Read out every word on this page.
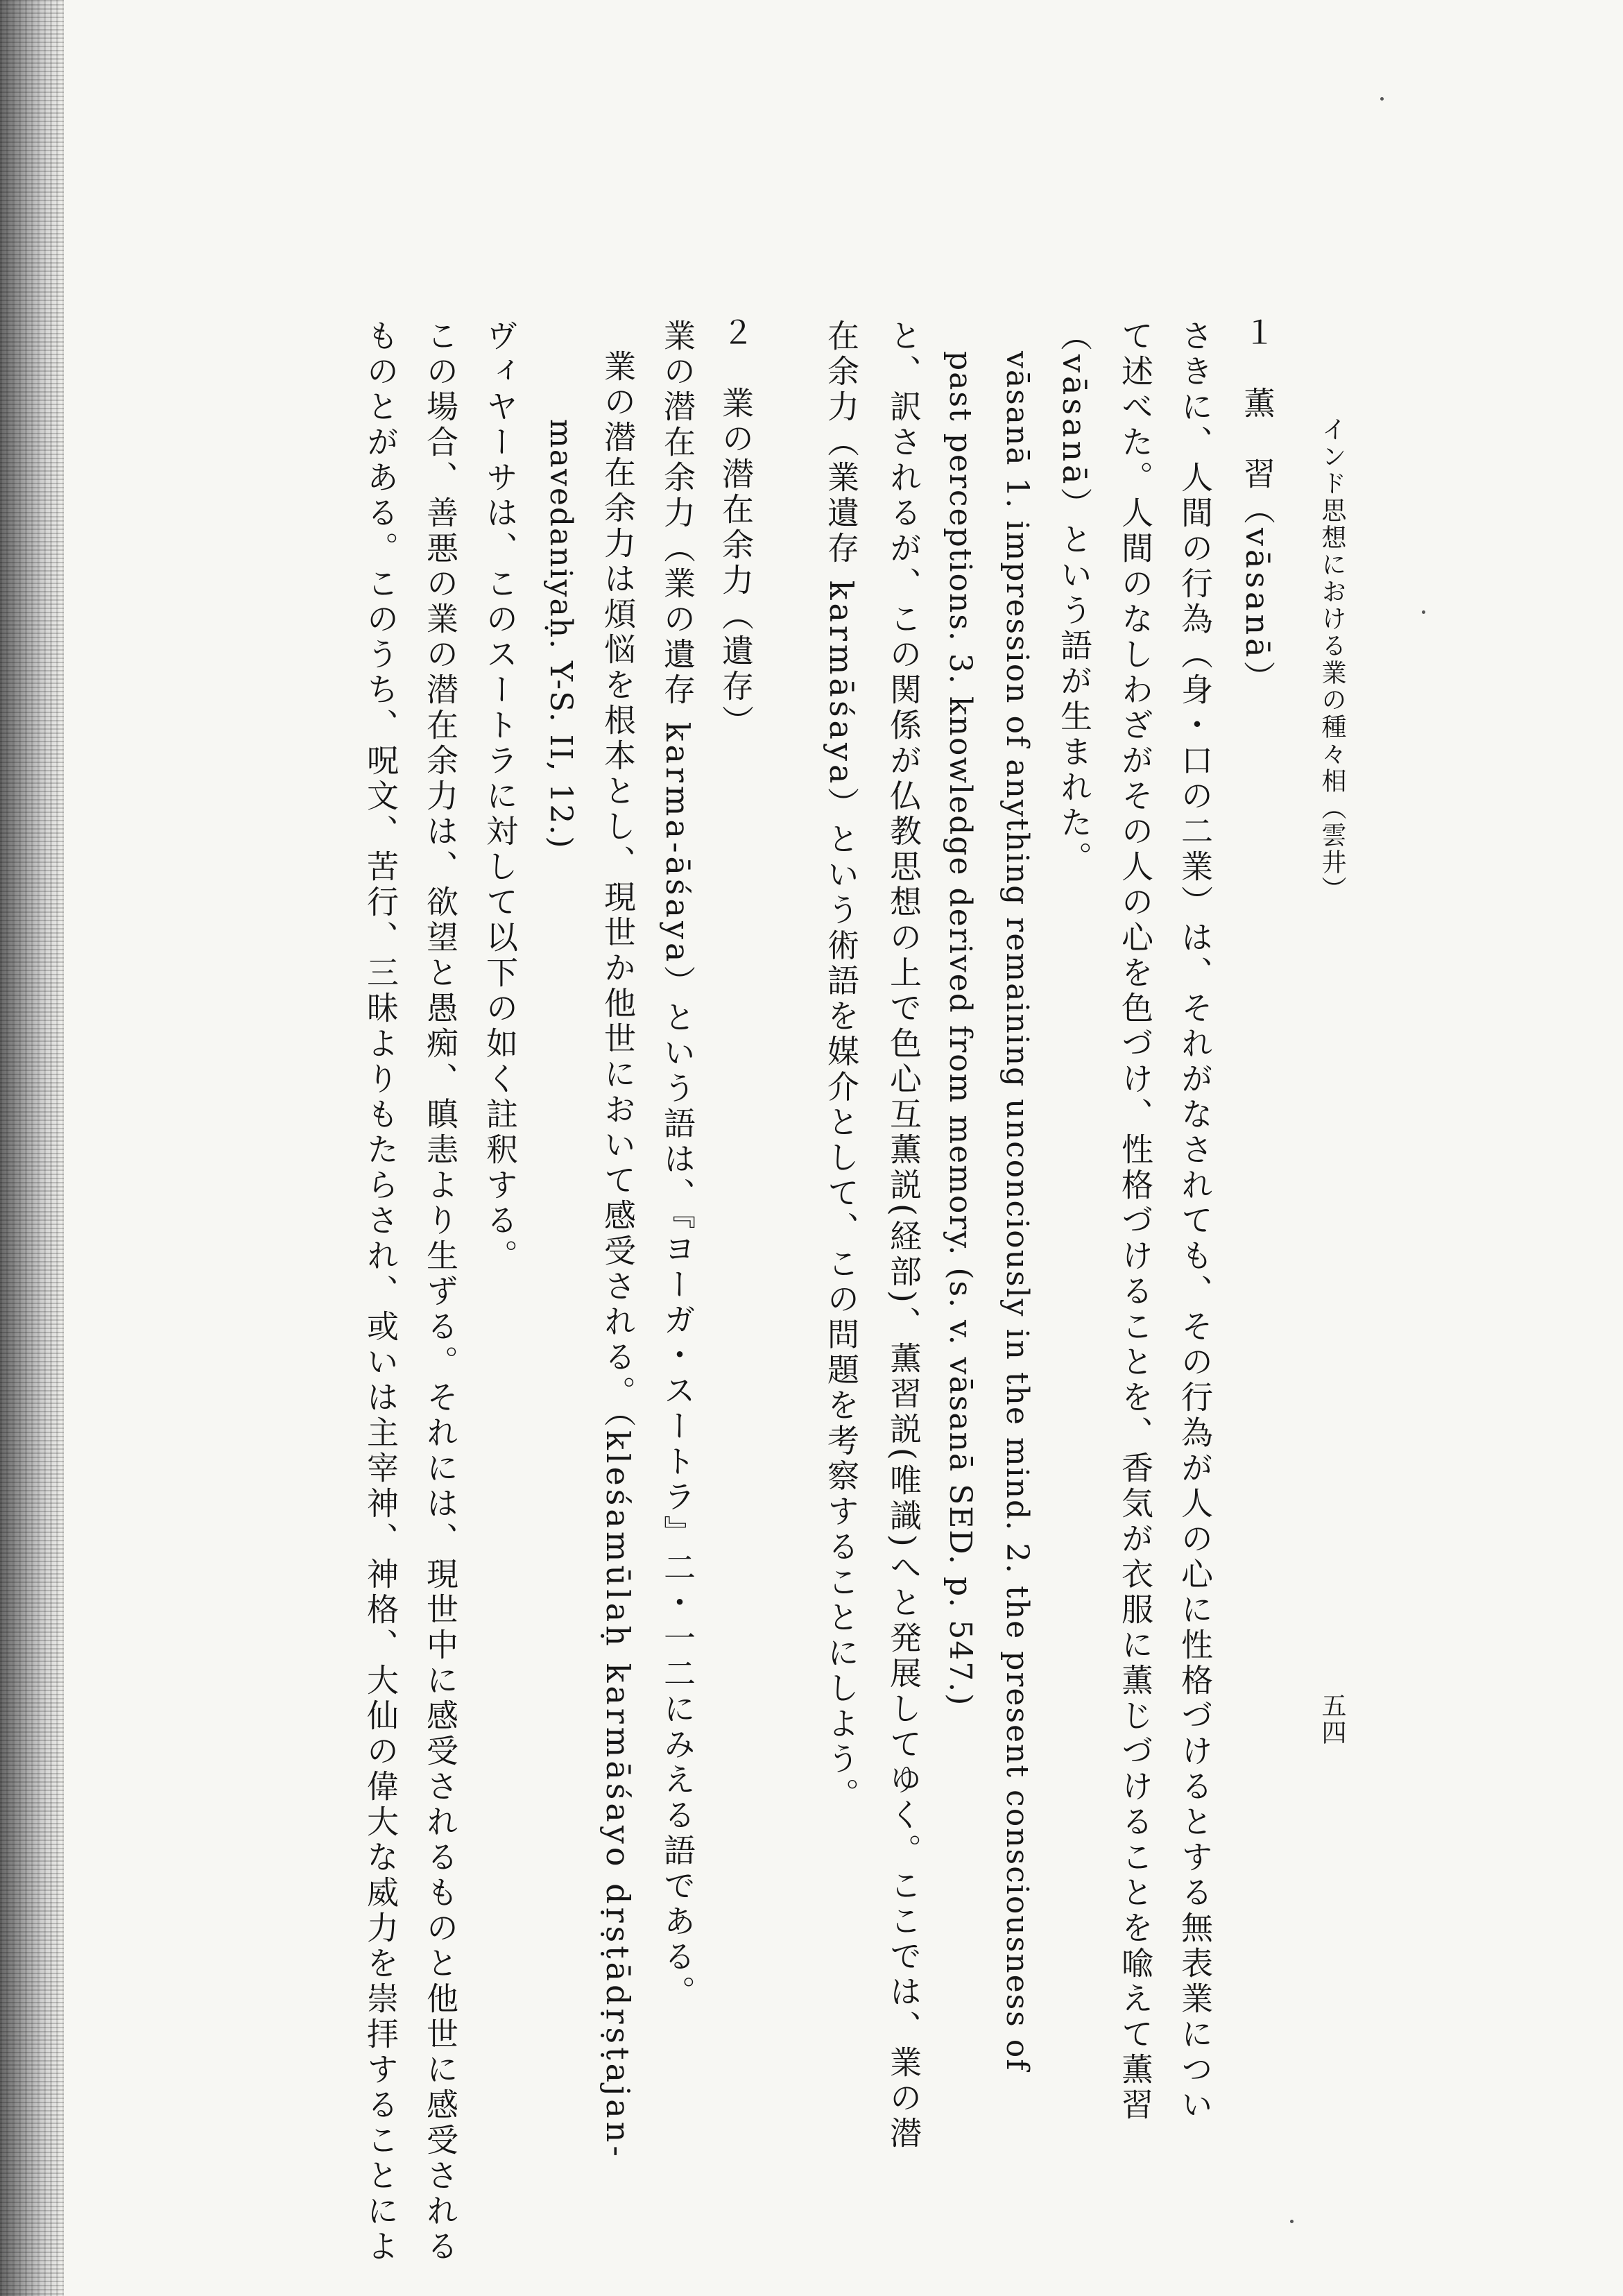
インド思想における業の種々相（雲井）
五四
１　薫　習（vāsanā）
さきに、人間の行為（身・口の二業）は、それがなされても、その行為が人の心に性格づけるとする無表業につい
て述べた。人間のなしわざがその人の心を色づけ、性格づけることを、香気が衣服に薫じづけることを喩えて薫習
（vāsanā）という語が生まれた。
vāsanā 1. impression of anything remaining unconciously in the mind. 2. the present consciousness of
past perceptions. 3. knowledge derived from memory. (s. v. vāsanā SED. p. 547.)
と、訳されるが、この関係が仏教思想の上で色心互薫説(経部)、薫習説(唯識)へと発展してゆく。ここでは、業の潜
在余力（業遺存 karmāśaya）という術語を媒介として、この問題を考察することにしよう。
２　業の潜在余力（遺存）
業の潜在余力（業の遺存 karma-āśaya）という語は、『ヨーガ・スートラ』二・一二にみえる語である。
業の潜在余力は煩悩を根本とし、現世か他世において感受される。（kleśamūlaḥ karmāśayo dṛṣṭādṛṣṭajan-
mavedaniyaḥ. Y-S. II, 12.)
ヴィヤーサは、このスートラに対して以下の如く註釈する。
この場合、善悪の業の潜在余力は、欲望と愚痴、瞋恚より生ずる。それには、現世中に感受されるものと他世に感受される
ものとがある。このうち、呪文、苦行、三昧よりもたらされ、或いは主宰神、神格、大仙の偉大な威力を崇拝することによ
